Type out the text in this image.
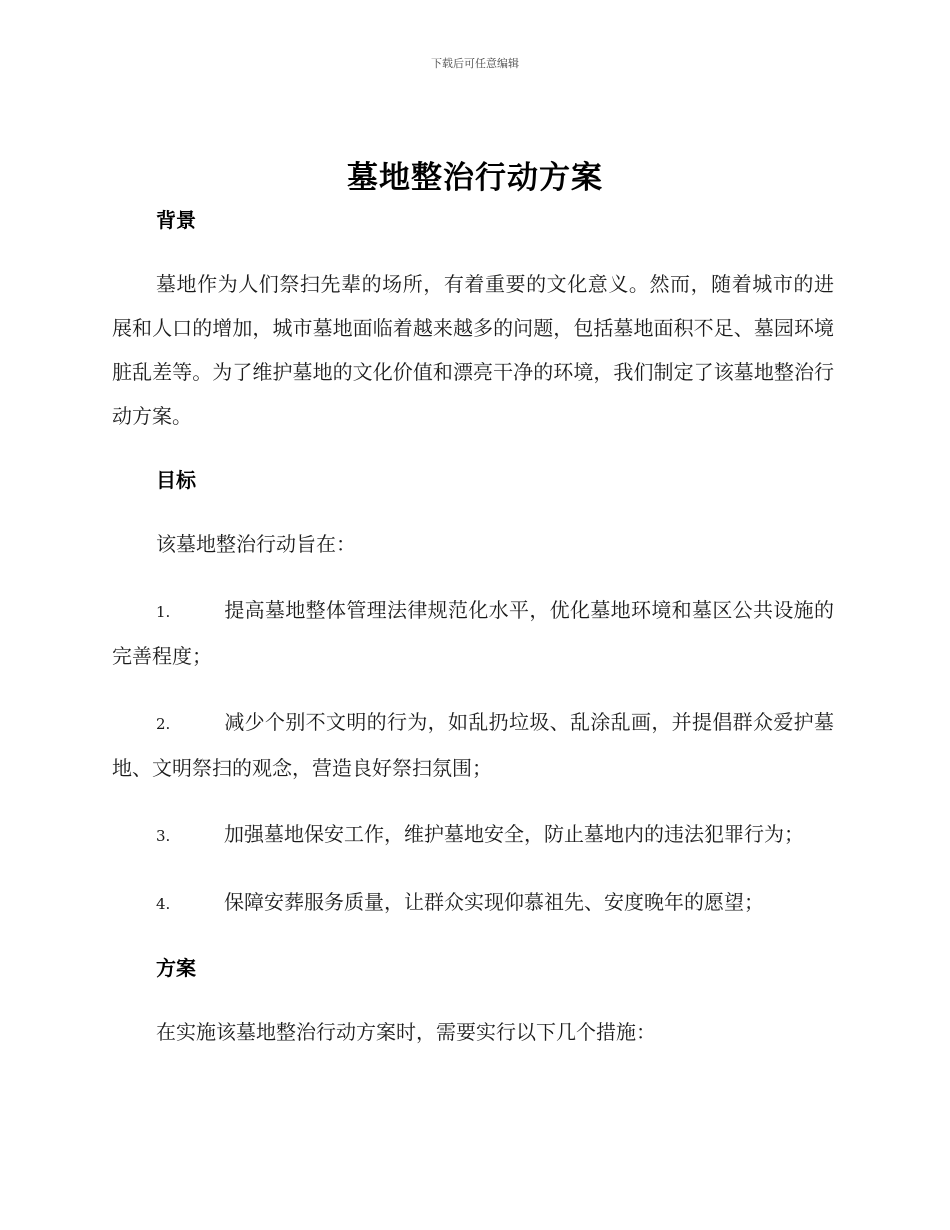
下载后可任意编辑
墓地整治行动方案

背景

墓地作为人们祭扫先辈的场所，有着重要的文化意义。然而，随着城市的进展和人口的增加，城市墓地面临着越来越多的问题，包括墓地面积不足、墓园环境脏乱差等。为了维护墓地的文化价值和漂亮干净的环境，我们制定了该墓地整治行动方案。

目标

该墓地整治行动旨在：

1.	提高墓地整体管理法律规范化水平，优化墓地环境和墓区公共设施的完善程度；

2.	减少个别不文明的行为，如乱扔垃圾、乱涂乱画，并提倡群众爱护墓地、文明祭扫的观念，营造良好祭扫氛围；

3.	加强墓地保安工作，维护墓地安全，防止墓地内的违法犯罪行为；

4.	保障安葬服务质量，让群众实现仰慕祖先、安度晚年的愿望；

方案

在实施该墓地整治行动方案时，需要实行以下几个措施：
